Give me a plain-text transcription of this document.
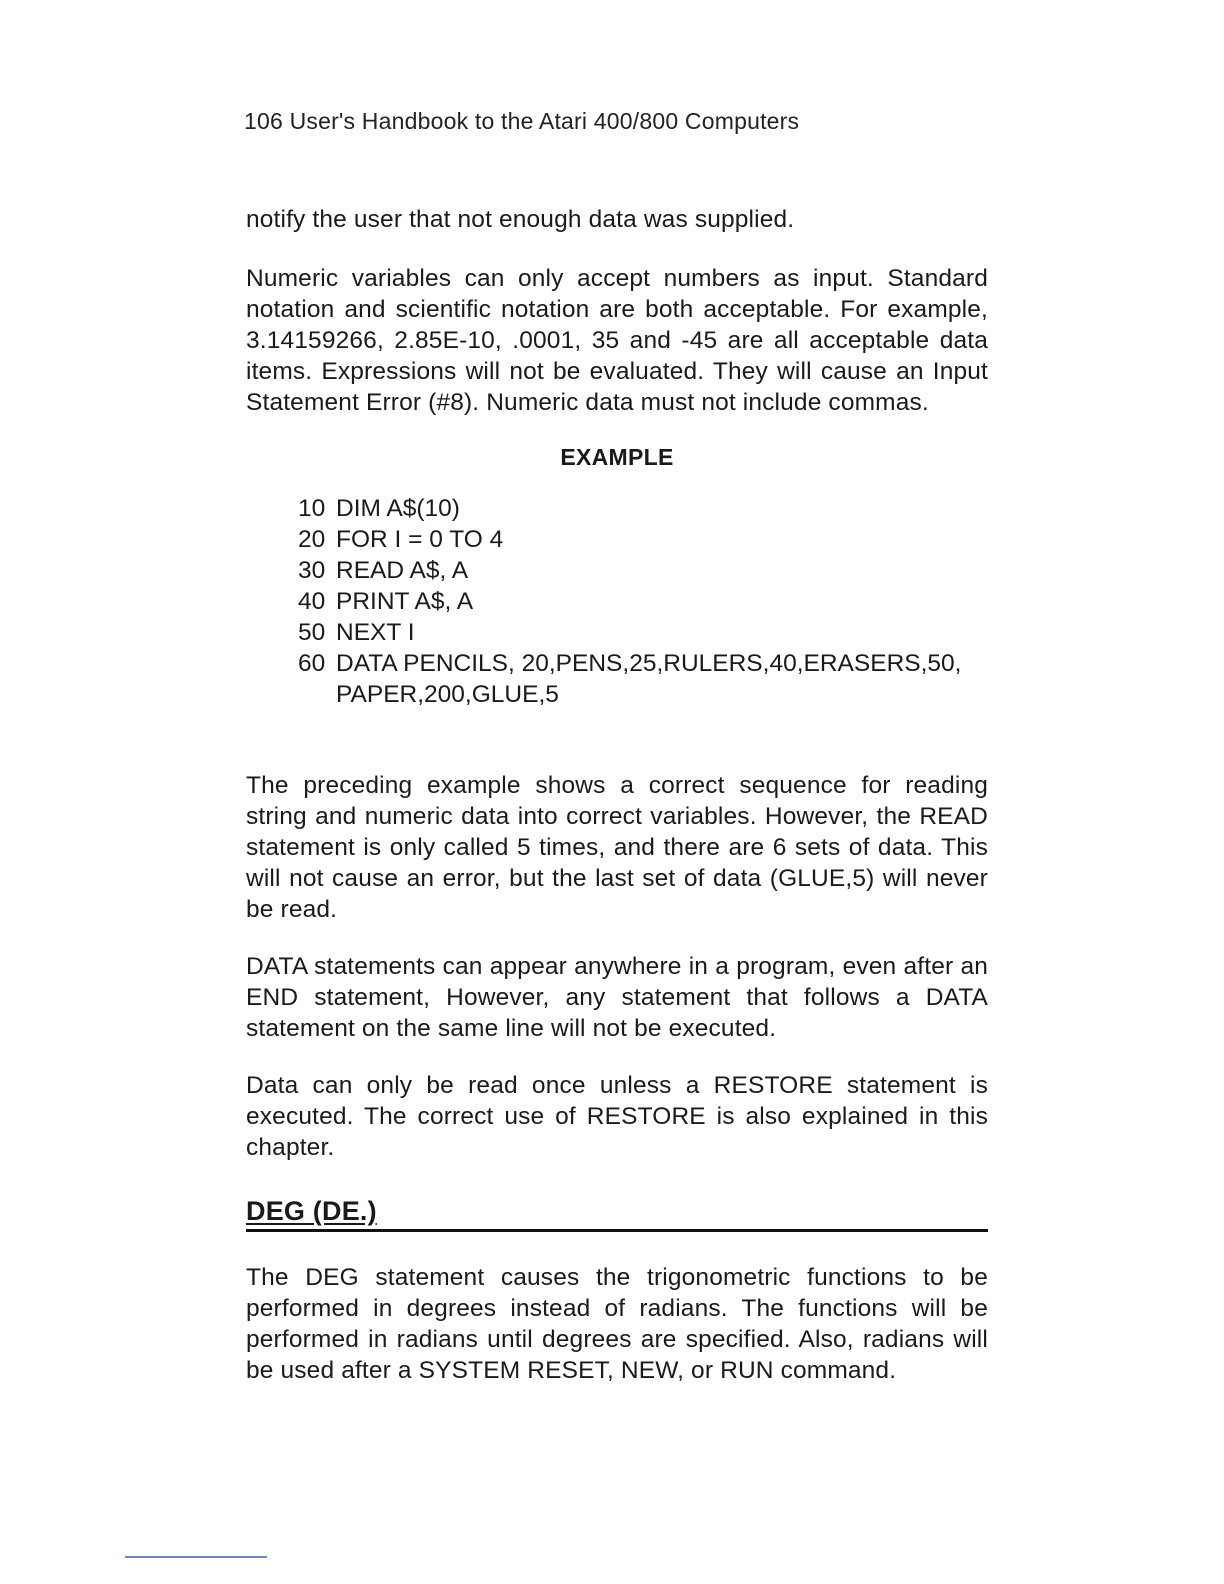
106 User's Handbook to the Atari 400/800 Computers

notify the user that not enough data was supplied.

Numeric variables can only accept numbers as input. Standard notation and scientific notation are both acceptable. For example, 3.14159266, 2.85E-10, .0001, 35 and -45 are all acceptable data items. Expressions will not be evaluated. They will cause an Input Statement Error (#8). Numeric data must not include commas.

EXAMPLE
10 DIM A$(10)
20 FOR I = 0 TO 4
30 READ A$, A
40 PRINT A$, A
50 NEXT I
60 DATA PENCILS, 20,PENS,25,RULERS,40,ERASERS,50,
PAPER,200,GLUE,5

The preceding example shows a correct sequence for reading string and numeric data into correct variables. However, the READ statement is only called 5 times, and there are 6 sets of data. This will not cause an error, but the last set of data (GLUE,5) will never be read.

DATA statements can appear anywhere in a program, even after an END statement, However, any statement that follows a DATA statement on the same line will not be executed.

Data can only be read once unless a RESTORE statement is executed. The correct use of RESTORE is also explained in this chapter.

DEG (DE.)

The DEG statement causes the trigonometric functions to be performed in degrees instead of radians. The functions will be performed in radians until degrees are specified. Also, radians will be used after a SYSTEM RESET, NEW, or RUN command.
